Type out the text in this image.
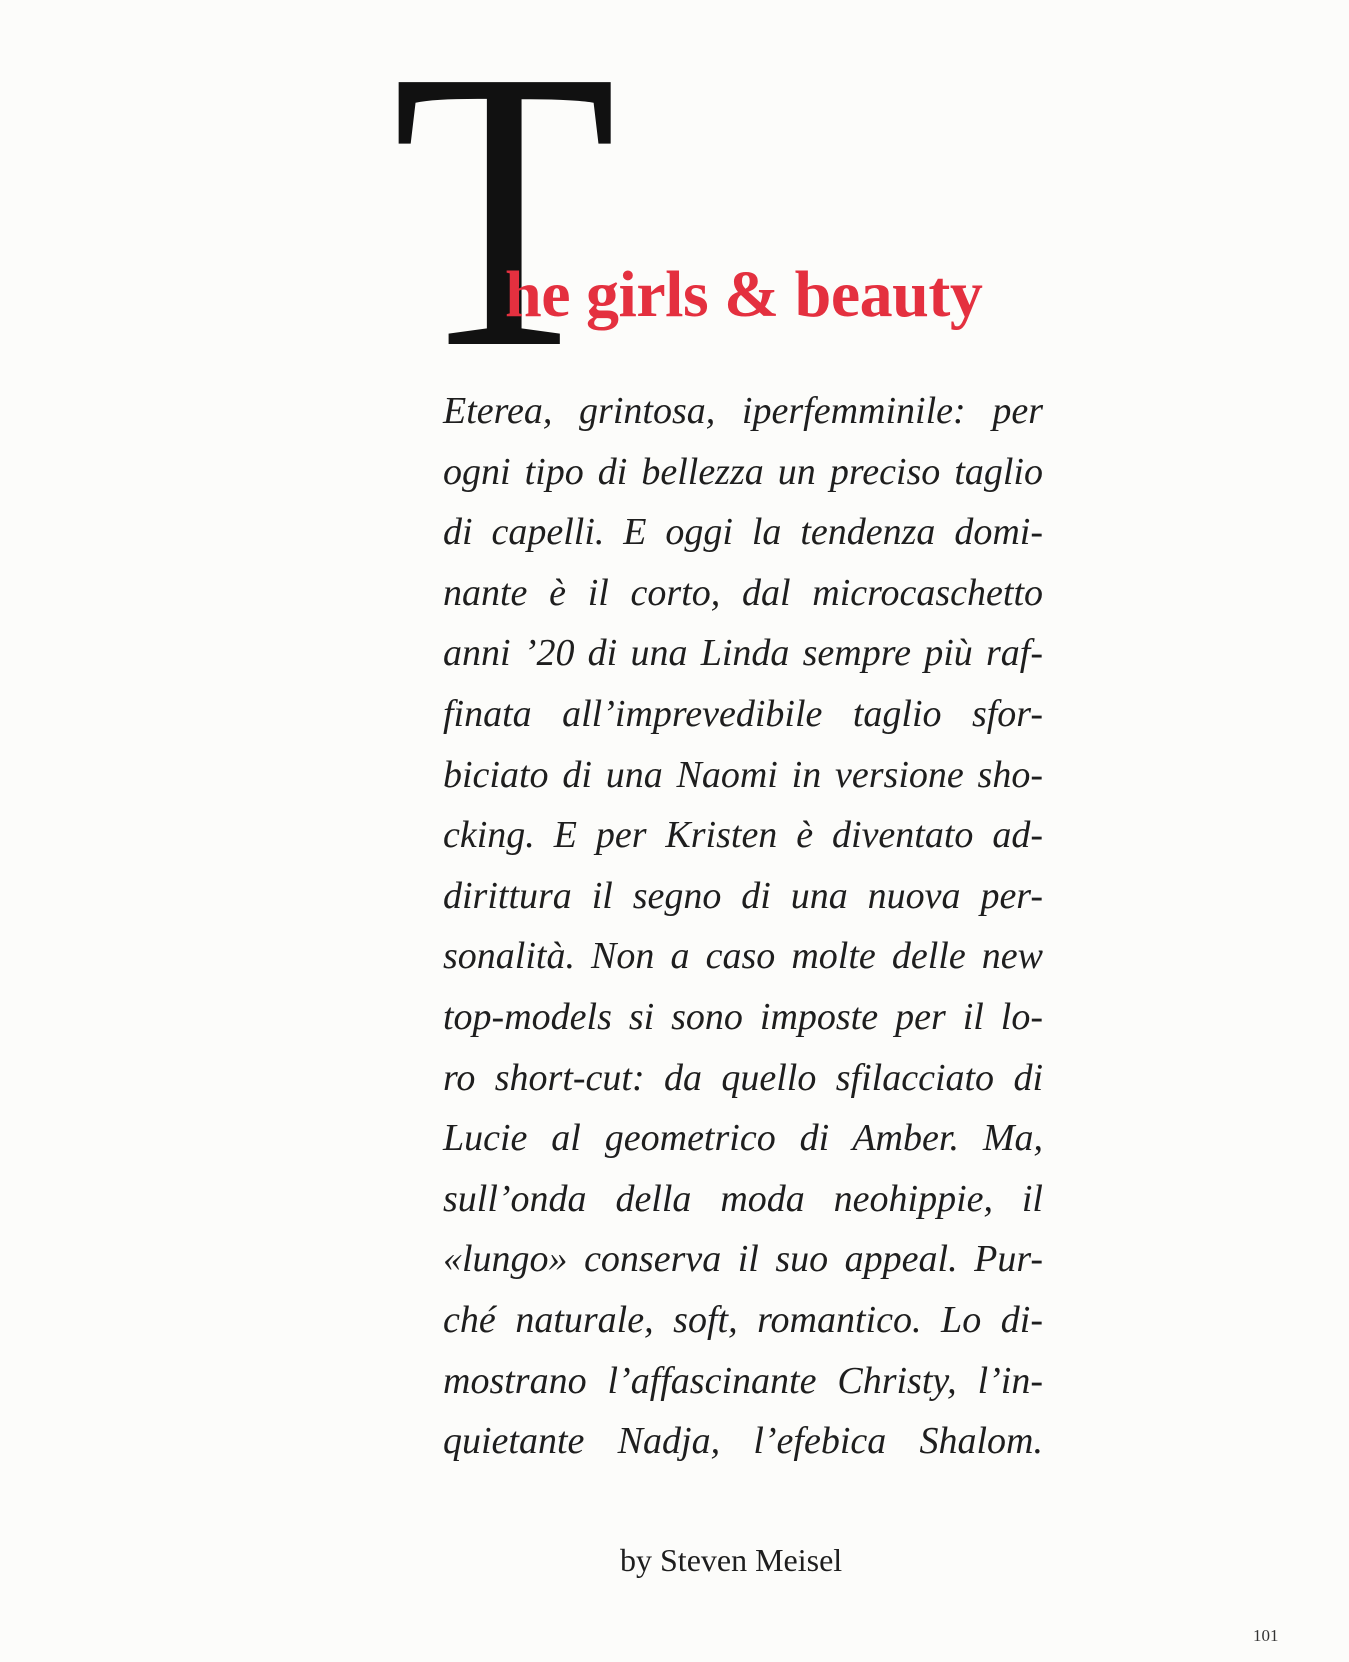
T
he girls & beauty
Eterea, grintosa, iperfemminile: per
ogni tipo di bellezza un preciso taglio
di capelli. E oggi la tendenza domi-
nante è il corto, dal microcaschetto
anni ’20 di una Linda sempre più raf-
finata all’imprevedibile taglio sfor-
biciato di una Naomi in versione sho-
cking. E per Kristen è diventato ad-
dirittura il segno di una nuova per-
sonalità. Non a caso molte delle new
top-models si sono imposte per il lo-
ro short-cut: da quello sfilacciato di
Lucie al geometrico di Amber. Ma,
sull’onda della moda neohippie, il
«lungo» conserva il suo appeal. Pur-
ché naturale, soft, romantico. Lo di-
mostrano l’affascinante Christy, l’in-
quietante Nadja, l’efebica Shalom.

by Steven Meisel

101
